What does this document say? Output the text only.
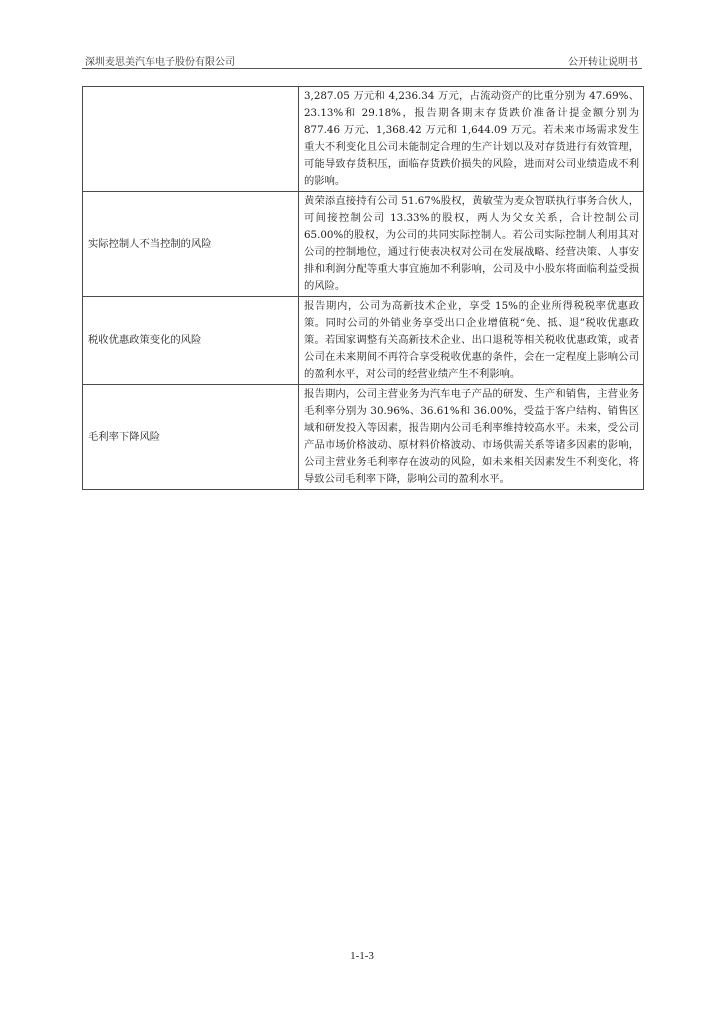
深圳麦思美汽车电子股份有限公司	公开转让说明书
	3,287.05 万元和 4,236.34 万元，占流动资产的比重分别为 47.69%、23.13%和 29.18%，报告期各期末存货跌价准备计提金额分别为 877.46 万元、1,368.42 万元和 1,644.09 万元。若未来市场需求发生重大不利变化且公司未能制定合理的生产计划以及对存货进行有效管理，可能导致存货积压，面临存货跌价损失的风险，进而对公司业绩造成不利的影响。
实际控制人不当控制的风险	黄荣添直接持有公司 51.67%股权，黄敏莹为麦众智联执行事务合伙人，可间接控制公司 13.33%的股权，两人为父女关系，合计控制公司 65.00%的股权，为公司的共同实际控制人。若公司实际控制人利用其对公司的控制地位，通过行使表决权对公司在发展战略、经营决策、人事安排和利润分配等重大事宜施加不利影响，公司及中小股东将面临利益受损的风险。
税收优惠政策变化的风险	报告期内，公司为高新技术企业，享受 15%的企业所得税税率优惠政策。同时公司的外销业务享受出口企业增值税“免、抵、退”税收优惠政策。若国家调整有关高新技术企业、出口退税等相关税收优惠政策，或者公司在未来期间不再符合享受税收优惠的条件，会在一定程度上影响公司的盈利水平，对公司的经营业绩产生不利影响。
毛利率下降风险	报告期内，公司主营业务为汽车电子产品的研发、生产和销售，主营业务毛利率分别为 30.96%、36.61%和 36.00%，受益于客户结构、销售区域和研发投入等因素，报告期内公司毛利率维持较高水平。未来，受公司产品市场价格波动、原材料价格波动、市场供需关系等诸多因素的影响，公司主营业务毛利率存在波动的风险，如未来相关因素发生不利变化，将导致公司毛利率下降，影响公司的盈利水平。
1-1-3
